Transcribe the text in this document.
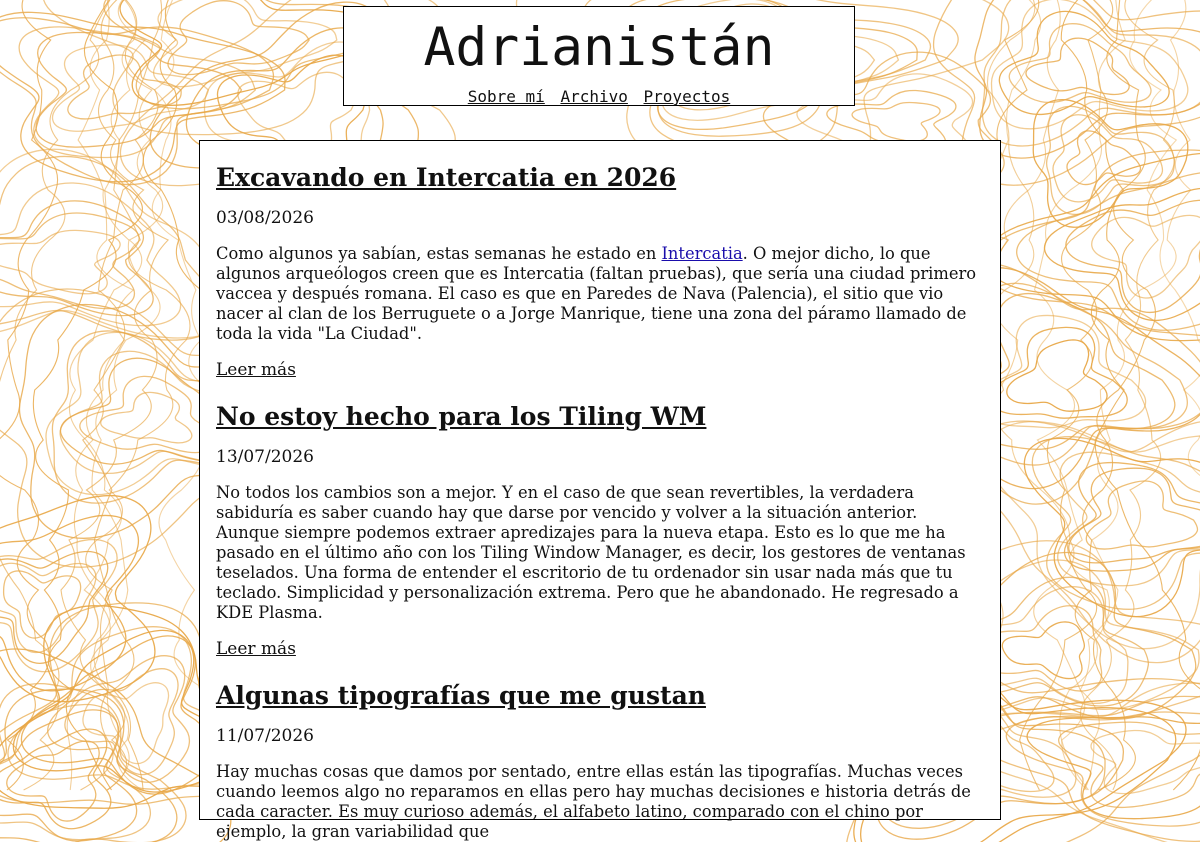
Adrianistán
Sobre mí Archivo Proyectos
Excavando en Intercatia en 2026

03/08/2026

Como algunos ya sabían, estas semanas he estado en Intercatia. O mejor dicho, lo que algunos arqueólogos creen que es Intercatia (faltan pruebas), que sería una ciudad primero vaccea y después romana. El caso es que en Paredes de Nava (Palencia), el sitio que vio nacer al clan de los Berruguete o a Jorge Manrique, tiene una zona del páramo llamado de toda la vida "La Ciudad".

Leer más
No estoy hecho para los Tiling WM

13/07/2026

No todos los cambios son a mejor. Y en el caso de que sean revertibles, la verdadera sabiduría es saber cuando hay que darse por vencido y volver a la situación anterior. Aunque siempre podemos extraer apredizajes para la nueva etapa. Esto es lo que me ha pasado en el último año con los Tiling Window Manager, es decir, los gestores de ventanas teselados. Una forma de entender el escritorio de tu ordenador sin usar nada más que tu teclado. Simplicidad y personalización extrema. Pero que he abandonado. He regresado a KDE Plasma.

Leer más
Algunas tipografías que me gustan

11/07/2026

Hay muchas cosas que damos por sentado, entre ellas están las tipografías. Muchas veces cuando leemos algo no reparamos en ellas pero hay muchas decisiones e historia detrás de cada caracter. Es muy curioso además, el alfabeto latino, comparado con el chino por ejemplo, la gran variabilidad que
